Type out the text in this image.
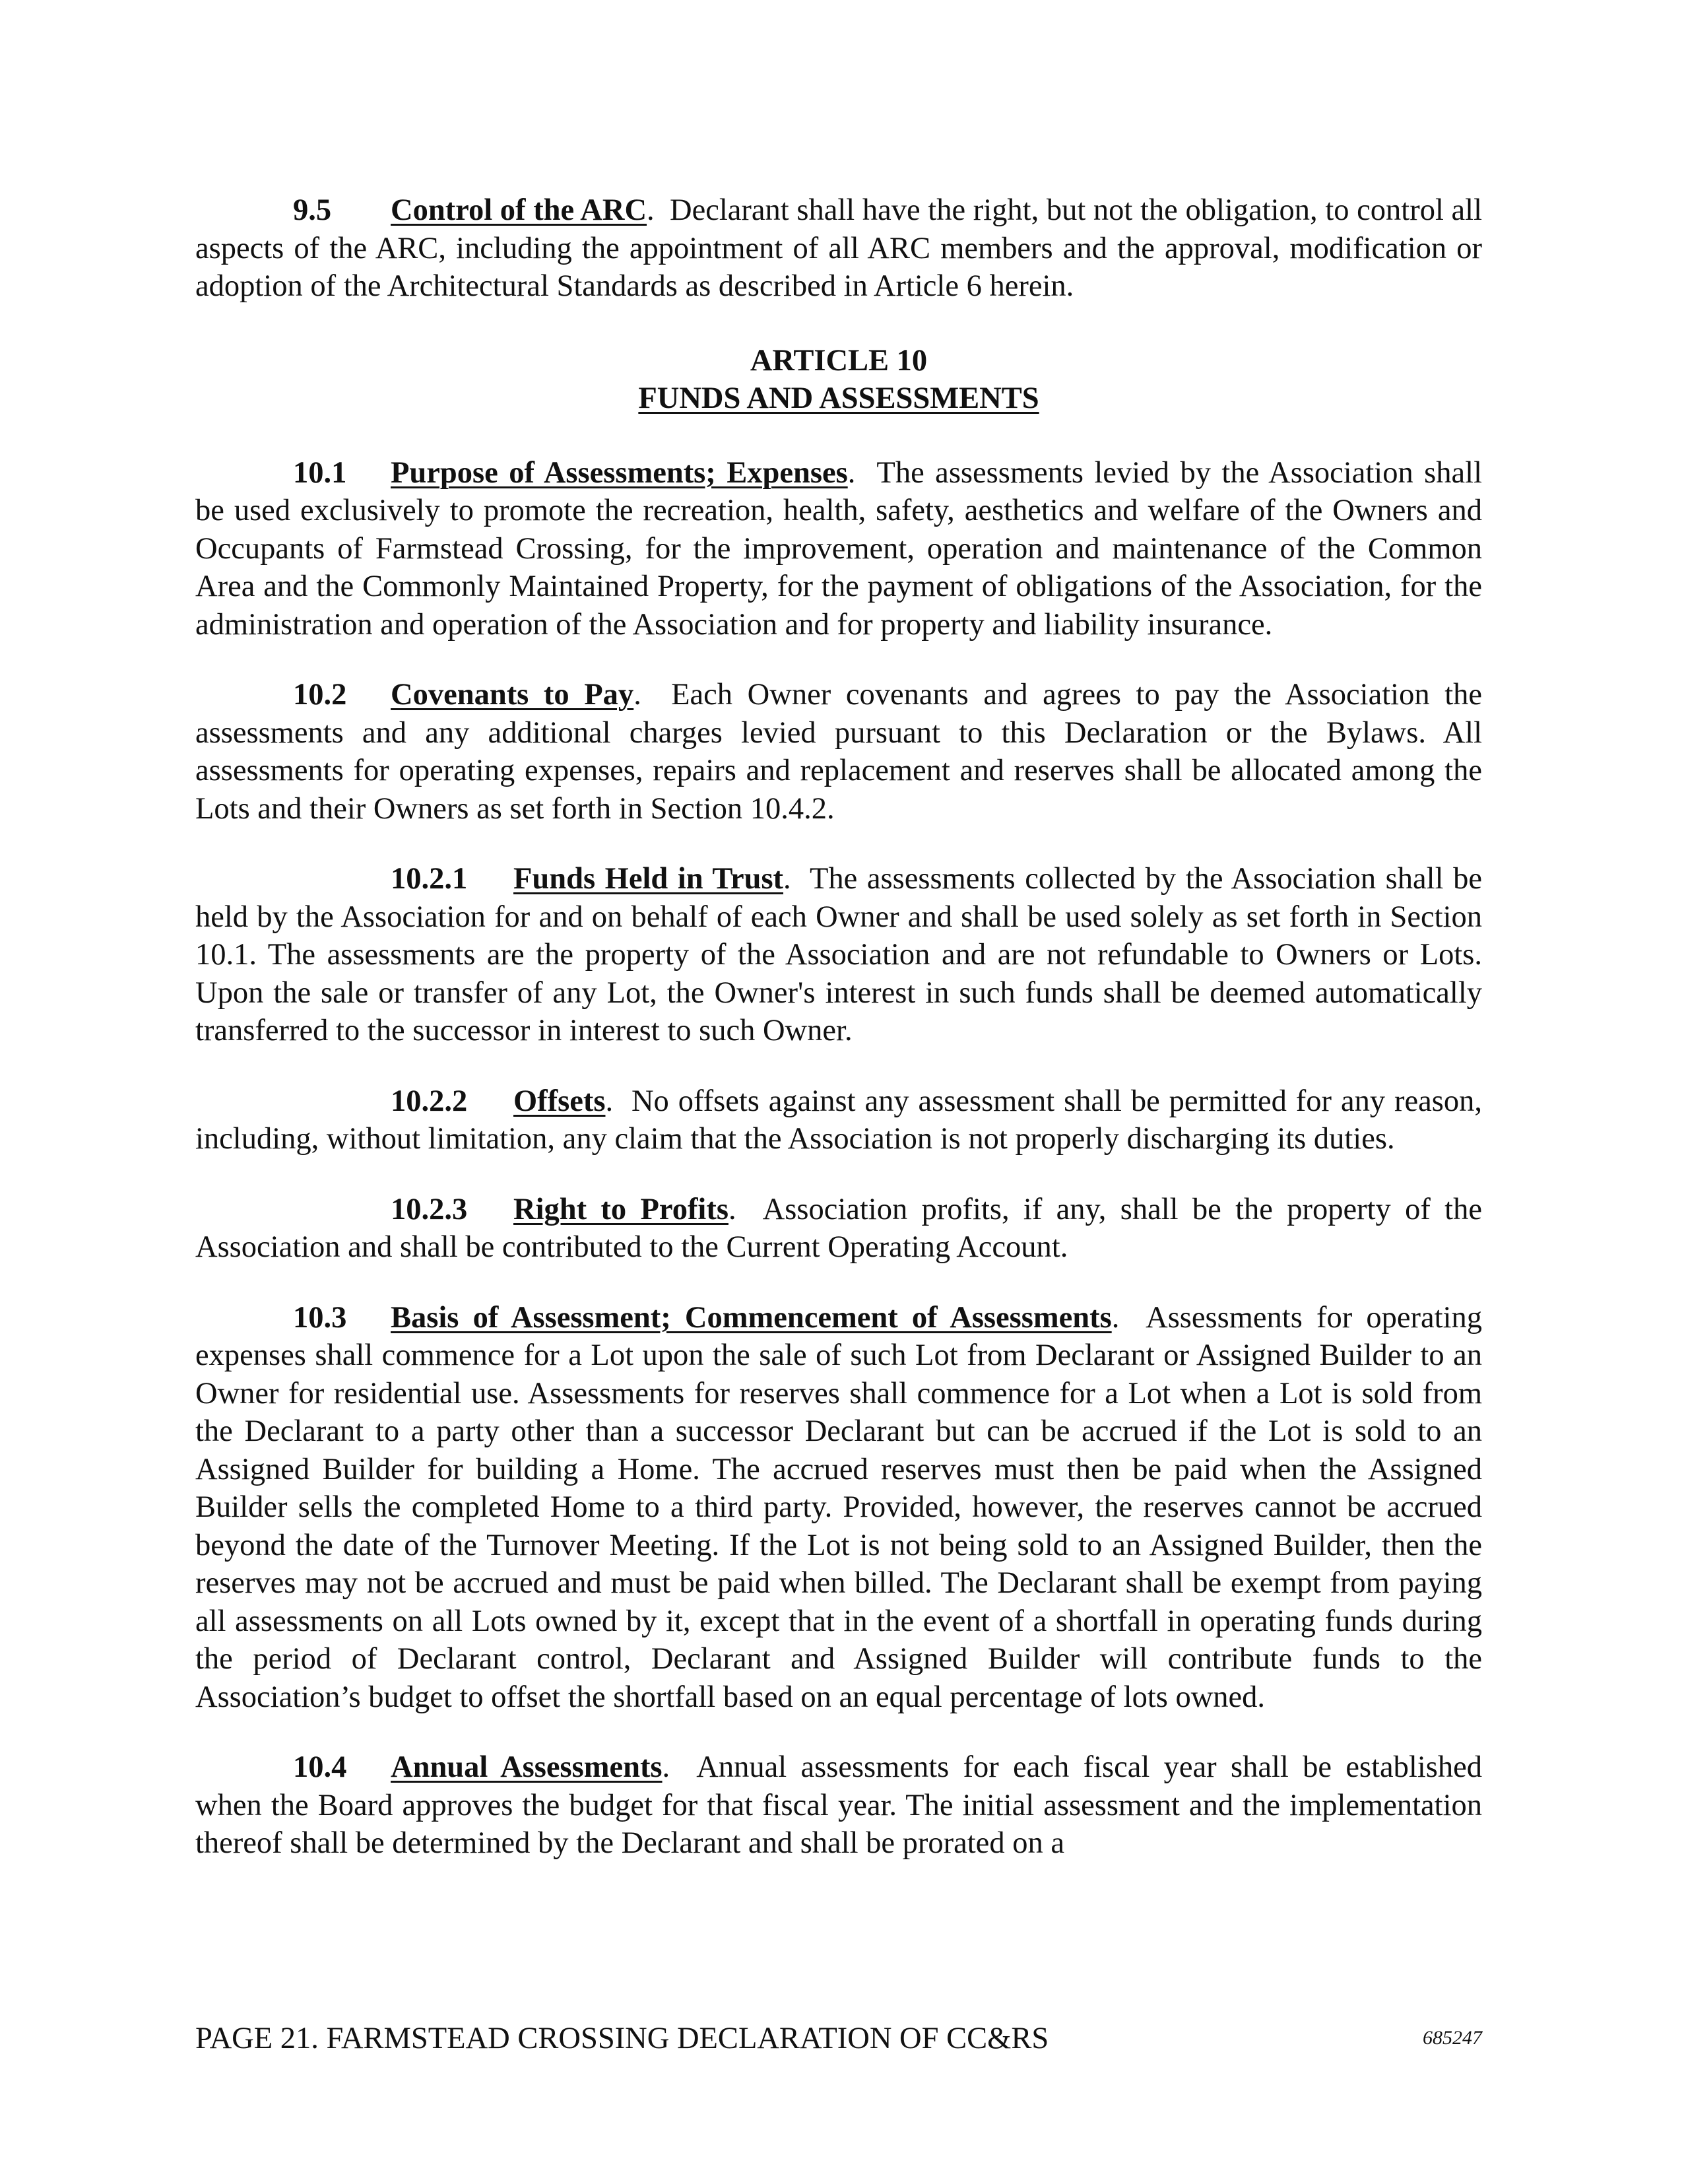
9.5 Control of the ARC.  Declarant shall have the right, but not the obligation, to control all aspects of the ARC, including the appointment of all ARC members and the approval, modification or adoption of the Architectural Standards as described in Article 6 herein.

ARTICLE 10
FUNDS AND ASSESSMENTS

10.1 Purpose of Assessments; Expenses.  The assessments levied by the Association shall be used exclusively to promote the recreation, health, safety, aesthetics and welfare of the Owners and Occupants of Farmstead Crossing, for the improvement, operation and maintenance of the Common Area and the Commonly Maintained Property, for the payment of obligations of the Association, for the administration and operation of the Association and for property and liability insurance.

10.2 Covenants to Pay.  Each Owner covenants and agrees to pay the Association the assessments and any additional charges levied pursuant to this Declaration or the Bylaws. All assessments for operating expenses, repairs and replacement and reserves shall be allocated among the Lots and their Owners as set forth in Section 10.4.2.

10.2.1 Funds Held in Trust.  The assessments collected by the Association shall be held by the Association for and on behalf of each Owner and shall be used solely as set forth in Section 10.1. The assessments are the property of the Association and are not refundable to Owners or Lots. Upon the sale or transfer of any Lot, the Owner's interest in such funds shall be deemed automatically transferred to the successor in interest to such Owner.

10.2.2 Offsets.  No offsets against any assessment shall be permitted for any reason, including, without limitation, any claim that the Association is not properly discharging its duties.

10.2.3 Right to Profits.  Association profits, if any, shall be the property of the Association and shall be contributed to the Current Operating Account.

10.3 Basis of Assessment; Commencement of Assessments.  Assessments for operating expenses shall commence for a Lot upon the sale of such Lot from Declarant or Assigned Builder to an Owner for residential use. Assessments for reserves shall commence for a Lot when a Lot is sold from the Declarant to a party other than a successor Declarant but can be accrued if the Lot is sold to an Assigned Builder for building a Home. The accrued reserves must then be paid when the Assigned Builder sells the completed Home to a third party. Provided, however, the reserves cannot be accrued beyond the date of the Turnover Meeting. If the Lot is not being sold to an Assigned Builder, then the reserves may not be accrued and must be paid when billed. The Declarant shall be exempt from paying all assessments on all Lots owned by it, except that in the event of a shortfall in operating funds during the period of Declarant control, Declarant and Assigned Builder will contribute funds to the Association’s budget to offset the shortfall based on an equal percentage of lots owned.

10.4 Annual Assessments.  Annual assessments for each fiscal year shall be established when the Board approves the budget for that fiscal year. The initial assessment and the implementation thereof shall be determined by the Declarant and shall be prorated on a

PAGE 21. FARMSTEAD CROSSING DECLARATION OF CC&RS	685247
